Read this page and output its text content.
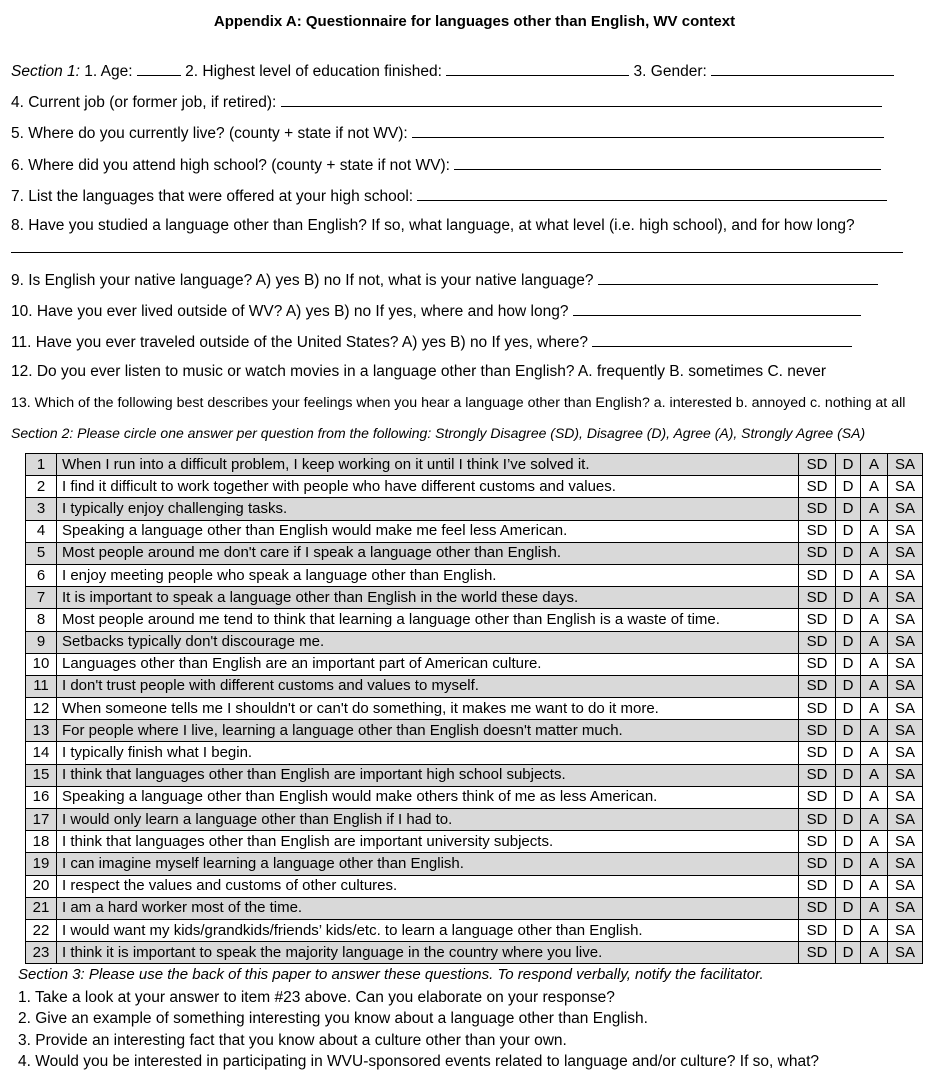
Appendix A: Questionnaire for languages other than English, WV context
Section 1: 1. Age:	2. Highest level of education finished:	3. Gender:
4. Current job (or former job, if retired):
5. Where do you currently live? (county + state if not WV):
6. Where did you attend high school? (county + state if not WV):
7. List the languages that were offered at your high school:
8. Have you studied a language other than English? If so, what language, at what level (i.e. high school), and for how long?
9. Is English your native language? A) yes B) no If not, what is your native language?
10. Have you ever lived outside of WV? A) yes B) no If yes, where and how long?
11. Have you ever traveled outside of the United States? A) yes B) no If yes, where?
12. Do you ever listen to music or watch movies in a language other than English? A. frequently B. sometimes C. never
13. Which of the following best describes your feelings when you hear a language other than English? a. interested b. annoyed c. nothing at all
Section 2: Please circle one answer per question from the following: Strongly Disagree (SD), Disagree (D), Agree (A), Strongly Agree (SA)
1	When I run into a difficult problem, I keep working on it until I think I’ve solved it.	SD	D	A	SA
2	I find it difficult to work together with people who have different customs and values.	SD	D	A	SA
3	I typically enjoy challenging tasks.	SD	D	A	SA
4	Speaking a language other than English would make me feel less American.	SD	D	A	SA
5	Most people around me don't care if I speak a language other than English.	SD	D	A	SA
6	I enjoy meeting people who speak a language other than English.	SD	D	A	SA
7	It is important to speak a language other than English in the world these days.	SD	D	A	SA
8	Most people around me tend to think that learning a language other than English is a waste of time.	SD	D	A	SA
9	Setbacks typically don't discourage me.	SD	D	A	SA
10	Languages other than English are an important part of American culture.	SD	D	A	SA
11	I don't trust people with different customs and values to myself.	SD	D	A	SA
12	When someone tells me I shouldn't or can't do something, it makes me want to do it more.	SD	D	A	SA
13	For people where I live, learning a language other than English doesn't matter much.	SD	D	A	SA
14	I typically finish what I begin.	SD	D	A	SA
15	I think that languages other than English are important high school subjects.	SD	D	A	SA
16	Speaking a language other than English would make others think of me as less American.	SD	D	A	SA
17	I would only learn a language other than English if I had to.	SD	D	A	SA
18	I think that languages other than English are important university subjects.	SD	D	A	SA
19	I can imagine myself learning a language other than English.	SD	D	A	SA
20	I respect the values and customs of other cultures.	SD	D	A	SA
21	I am a hard worker most of the time.	SD	D	A	SA
22	I would want my kids/grandkids/friends’ kids/etc. to learn a language other than English.	SD	D	A	SA
23	I think it is important to speak the majority language in the country where you live.	SD	D	A	SA
Section 3: Please use the back of this paper to answer these questions. To respond verbally, notify the facilitator.
1. Take a look at your answer to item #23 above. Can you elaborate on your response?
2. Give an example of something interesting you know about a language other than English.
3. Provide an interesting fact that you know about a culture other than your own.
4. Would you be interested in participating in WVU-sponsored events related to language and/or culture? If so, what?
